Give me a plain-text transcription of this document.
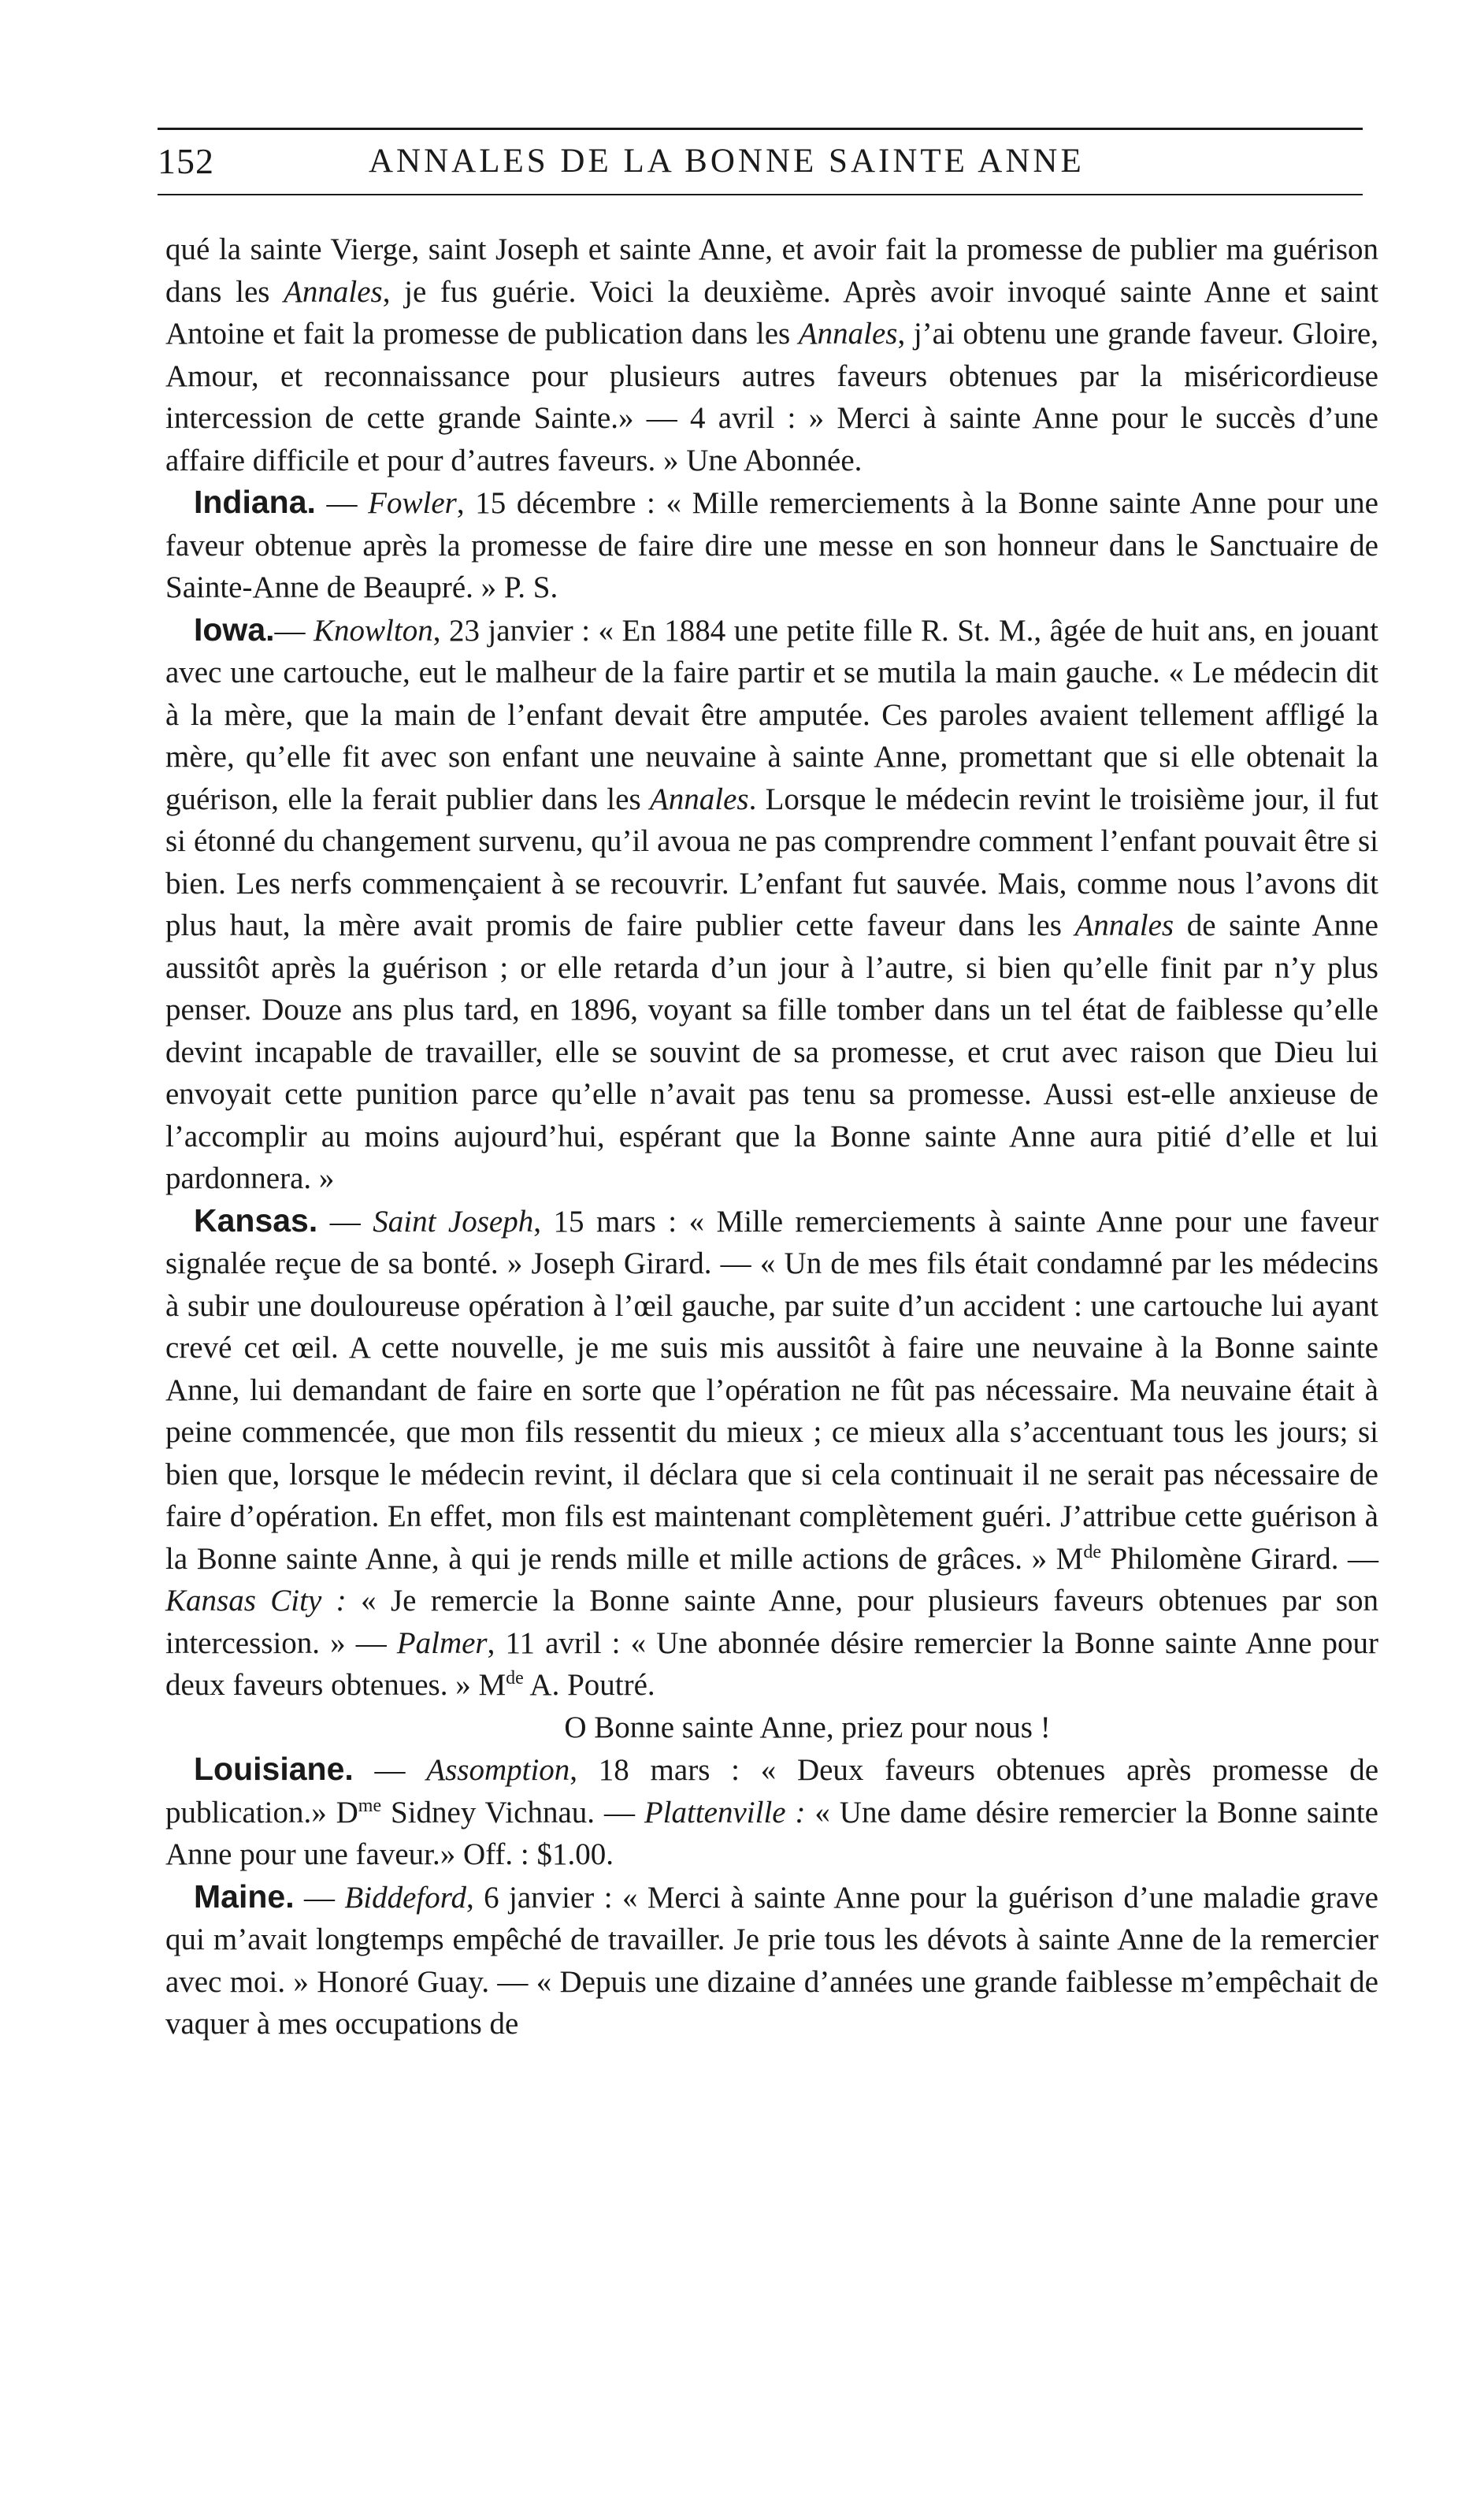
152	ANNALES DE LA BONNE SAINTE ANNE

qué la sainte Vierge, saint Joseph et sainte Anne, et avoir fait la promesse de publier ma guérison dans les Annales, je fus guérie. Voici la deuxième. Après avoir invoqué sainte Anne et saint Antoine et fait la promesse de publication dans les Annales, j’ai obtenu une grande faveur. Gloire, Amour, et reconnaissance pour plusieurs autres faveurs obtenues par la miséricordieuse intercession de cette grande Sainte.» — 4 avril : » Merci à sainte Anne pour le succès d’une affaire difficile et pour d’autres faveurs. » Une Abonnée.

Indiana. — Fowler, 15 décembre : « Mille remerciements à la Bonne sainte Anne pour une faveur obtenue après la promesse de faire dire une messe en son honneur dans le Sanctuaire de Sainte-Anne de Beaupré. » P. S.

Iowa.— Knowlton, 23 janvier : « En 1884 une petite fille R. St. M., âgée de huit ans, en jouant avec une cartouche, eut le malheur de la faire partir et se mutila la main gauche. « Le médecin dit à la mère, que la main de l’enfant devait être amputée. Ces paroles avaient tellement affligé la mère, qu’elle fit avec son enfant une neuvaine à sainte Anne, promettant que si elle obtenait la guérison, elle la ferait publier dans les Annales. Lorsque le médecin revint le troisième jour, il fut si étonné du changement survenu, qu’il avoua ne pas comprendre comment l’enfant pouvait être si bien. Les nerfs commençaient à se recouvrir. L’enfant fut sauvée. Mais, comme nous l’avons dit plus haut, la mère avait promis de faire publier cette faveur dans les Annales de sainte Anne aussitôt après la guérison ; or elle retarda d’un jour à l’autre, si bien qu’elle finit par n’y plus penser. Douze ans plus tard, en 1896, voyant sa fille tomber dans un tel état de faiblesse qu’elle devint incapable de travailler, elle se souvint de sa promesse, et crut avec raison que Dieu lui envoyait cette punition parce qu’elle n’avait pas tenu sa promesse. Aussi est-elle anxieuse de l’accomplir au moins aujourd’hui, espérant que la Bonne sainte Anne aura pitié d’elle et lui pardonnera. »

Kansas. — Saint Joseph, 15 mars : « Mille remerciements à sainte Anne pour une faveur signalée reçue de sa bonté. » Joseph Girard. — « Un de mes fils était condamné par les médecins à subir une douloureuse opération à l’œil gauche, par suite d’un accident : une cartouche lui ayant crevé cet œil. A cette nouvelle, je me suis mis aussitôt à faire une neuvaine à la Bonne sainte Anne, lui demandant de faire en sorte que l’opération ne fût pas nécessaire. Ma neuvaine était à peine commencée, que mon fils ressentit du mieux ; ce mieux alla s’accentuant tous les jours; si bien que, lorsque le médecin revint, il déclara que si cela continuait il ne serait pas nécessaire de faire d’opération. En effet, mon fils est maintenant complètement guéri. J’attribue cette guérison à la Bonne sainte Anne, à qui je rends mille et mille actions de grâces. » Mde Philomène Girard. — Kansas City : « Je remercie la Bonne sainte Anne, pour plusieurs faveurs obtenues par son intercession. » — Palmer, 11 avril : « Une abonnée désire remercier la Bonne sainte Anne pour deux faveurs obtenues. » Mde A. Poutré.

O Bonne sainte Anne, priez pour nous !

Louisiane. — Assomption, 18 mars : « Deux faveurs obtenues après promesse de publication.» $D^{me}$ Sidney Vichnau. — Plattenville : « Une dame désire remercier la Bonne sainte Anne pour une faveur.» Off. : $1.00.

Maine. — Biddeford, 6 janvier : « Merci à sainte Anne pour la guérison d’une maladie grave qui m’avait longtemps empêché de travailler. Je prie tous les dévots à sainte Anne de la remercier avec moi. » Honoré Guay. — « Depuis une dizaine d’années une grande faiblesse m’empêchait de vaquer à mes occupations de
